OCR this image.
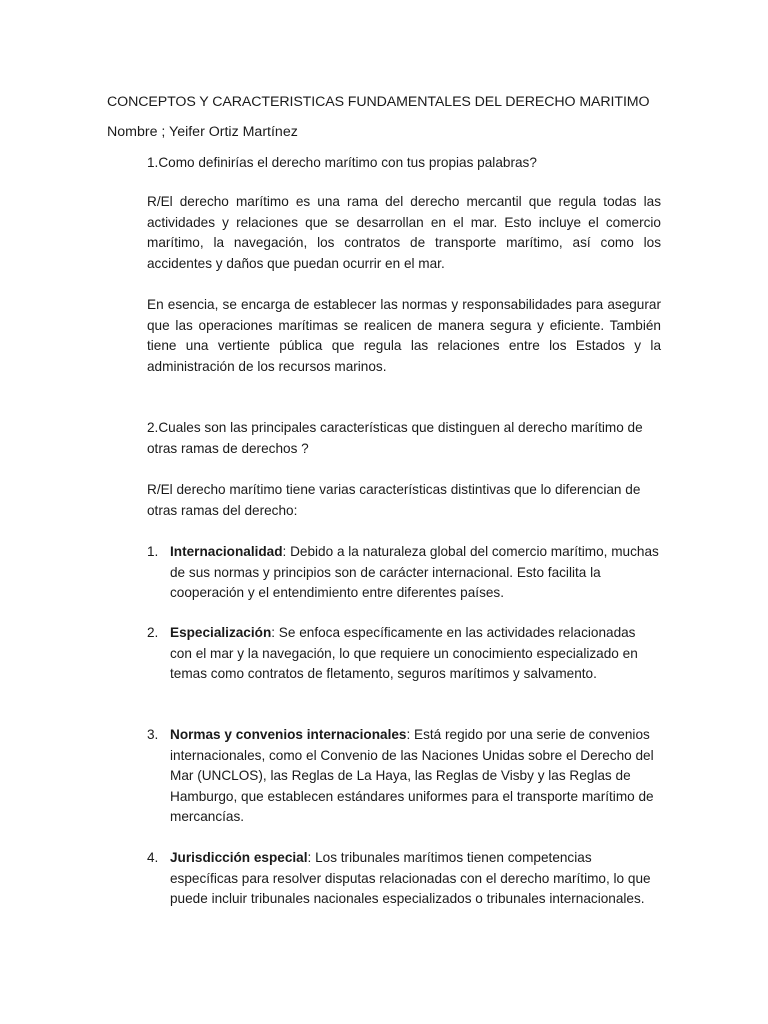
CONCEPTOS Y CARACTERISTICAS FUNDAMENTALES DEL DERECHO MARITIMO
Nombre ; Yeifer Ortiz Martínez

1.Como definirías el derecho marítimo con tus propias palabras?

R/El derecho marítimo es una rama del derecho mercantil que regula todas las actividades y relaciones que se desarrollan en el mar. Esto incluye el comercio marítimo, la navegación, los contratos de transporte marítimo, así como los accidentes y daños que puedan ocurrir en el mar.

En esencia, se encarga de establecer las normas y responsabilidades para asegurar que las operaciones marítimas se realicen de manera segura y eficiente. También tiene una vertiente pública que regula las relaciones entre los Estados y la administración de los recursos marinos.

2.Cuales son las principales características que distinguen al derecho marítimo de otras ramas de derechos ?

R/El derecho marítimo tiene varias características distintivas que lo diferencian de otras ramas del derecho:

1. Internacionalidad: Debido a la naturaleza global del comercio marítimo, muchas de sus normas y principios son de carácter internacional. Esto facilita la cooperación y el entendimiento entre diferentes países.
2. Especialización: Se enfoca específicamente en las actividades relacionadas con el mar y la navegación, lo que requiere un conocimiento especializado en temas como contratos de fletamento, seguros marítimos y salvamento.
3. Normas y convenios internacionales: Está regido por una serie de convenios internacionales, como el Convenio de las Naciones Unidas sobre el Derecho del Mar (UNCLOS), las Reglas de La Haya, las Reglas de Visby y las Reglas de Hamburgo, que establecen estándares uniformes para el transporte marítimo de mercancías.
4. Jurisdicción especial: Los tribunales marítimos tienen competencias específicas para resolver disputas relacionadas con el derecho marítimo, lo que puede incluir tribunales nacionales especializados o tribunales internacionales.
